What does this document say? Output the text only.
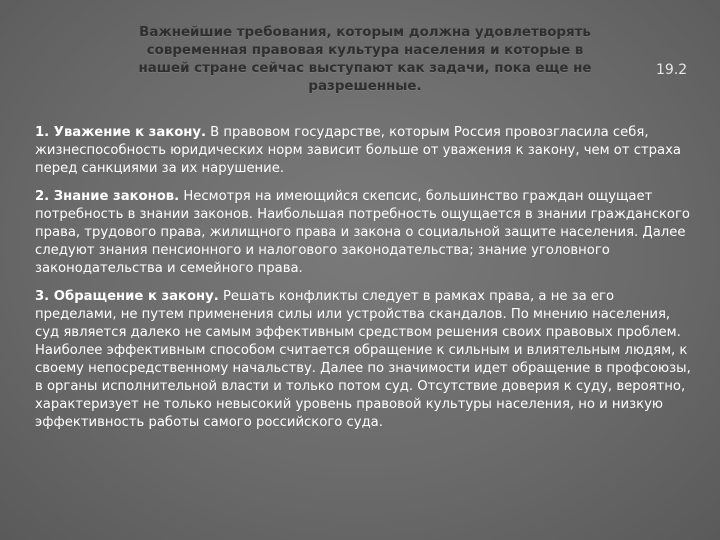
Важнейшие требования, которым должна удовлетворять современная правовая культура населения и которые в нашей стране сейчас выступают как задачи, пока еще не разрешенные.
19.2

1. Уважение к закону. В правовом государстве, которым Россия провозгласила себя, жизнеспособность юридических норм зависит больше от уважения к закону, чем от страха перед санкциями за их нарушение.

2. Знание законов. Несмотря на имеющийся скепсис, большинство граждан ощущает потребность в знании законов. Наибольшая потребность ощущается в знании гражданского права, трудового права, жилищного права и закона о социальной защите населения. Далее следуют знания пенсионного и налогового законодательства; знание уголовного законодательства и семейного права.

3. Обращение к закону. Решать конфликты следует в рамках права, а не за его пределами, не путем применения силы или устройства скандалов. По мнению населения, суд является далеко не самым эффективным средством решения своих правовых проблем. Наиболее эффективным способом считается обращение к сильным и влиятельным людям, к своему непосредственному начальству. Далее по значимости идет обращение в профсоюзы, в органы исполнительной власти и только потом суд. Отсутствие доверия к суду, вероятно, характеризует не только невысокий уровень правовой культуры населения, но и низкую эффективность работы самого российского суда.
